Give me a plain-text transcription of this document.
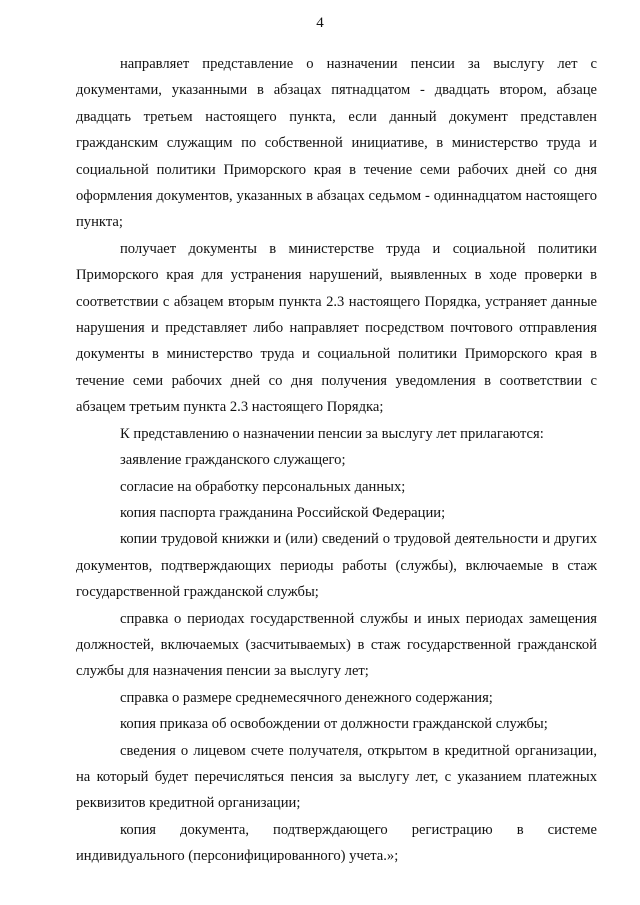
4

направляет представление о назначении пенсии за выслугу лет с документами, указанными в абзацах пятнадцатом - двадцать втором, абзаце двадцать третьем настоящего пункта, если данный документ представлен гражданским служащим по собственной инициативе, в министерство труда и социальной политики Приморского края в течение семи рабочих дней со дня оформления документов, указанных в абзацах седьмом - одиннадцатом настоящего пункта;

получает документы в министерстве труда и социальной политики Приморского края для устранения нарушений, выявленных в ходе проверки в соответствии с абзацем вторым пункта 2.3 настоящего Порядка, устраняет данные нарушения и представляет либо направляет посредством почтового отправления документы в министерство труда и социальной политики Приморского края в течение семи рабочих дней со дня получения уведомления в соответствии с абзацем третьим пункта 2.3 настоящего Порядка;

К представлению о назначении пенсии за выслугу лет прилагаются:

заявление гражданского служащего;

согласие на обработку персональных данных;

копия паспорта гражданина Российской Федерации;

копии трудовой книжки и (или) сведений о трудовой деятельности и других документов, подтверждающих периоды работы (службы), включаемые в стаж государственной гражданской службы;

справка о периодах государственной службы и иных периодах замещения должностей, включаемых (засчитываемых) в стаж государственной гражданской службы для назначения пенсии за выслугу лет;

справка о размере среднемесячного денежного содержания;

копия приказа об освобождении от должности гражданской службы;

сведения о лицевом счете получателя, открытом в кредитной организации, на который будет перечисляться пенсия за выслугу лет, с указанием платежных реквизитов кредитной организации;

копия документа, подтверждающего регистрацию в системе индивидуального (персонифицированного) учета.»;
